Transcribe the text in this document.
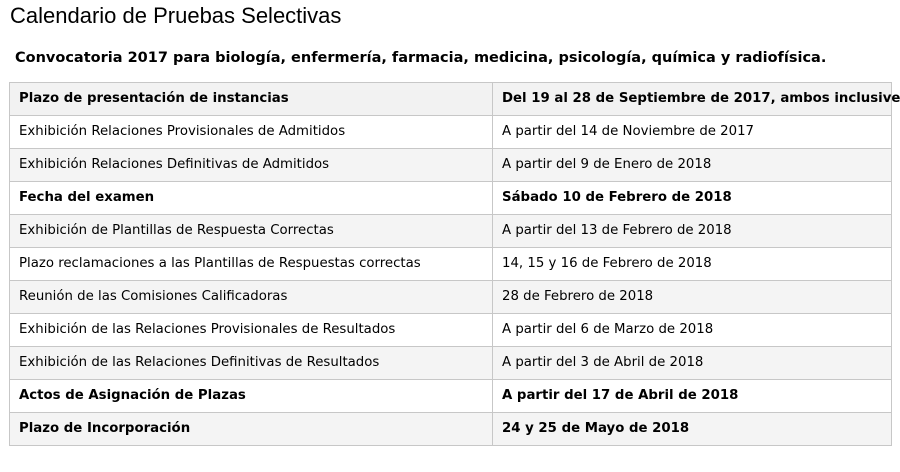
Calendario de Pruebas Selectivas
Convocatoria 2017 para biología, enfermería, farmacia, medicina, psicología, química y radiofísica.
Plazo de presentación de instancias	Del 19 al 28 de Septiembre de 2017, ambos inclusive
Exhibición Relaciones Provisionales de Admitidos	A partir del 14 de Noviembre de 2017
Exhibición Relaciones Definitivas de Admitidos	A partir del 9 de Enero de 2018
Fecha del examen	Sábado 10 de Febrero de 2018
Exhibición de Plantillas de Respuesta Correctas	A partir del 13 de Febrero de 2018
Plazo reclamaciones a las Plantillas de Respuestas correctas	14, 15 y 16 de Febrero de 2018
Reunión de las Comisiones Calificadoras	28 de Febrero de 2018
Exhibición de las Relaciones Provisionales de Resultados	A partir del 6 de Marzo de 2018
Exhibición de las Relaciones Definitivas de Resultados	A partir del 3 de Abril de 2018
Actos de Asignación de Plazas	A partir del 17 de Abril de 2018
Plazo de Incorporación	24 y 25 de Mayo de 2018
